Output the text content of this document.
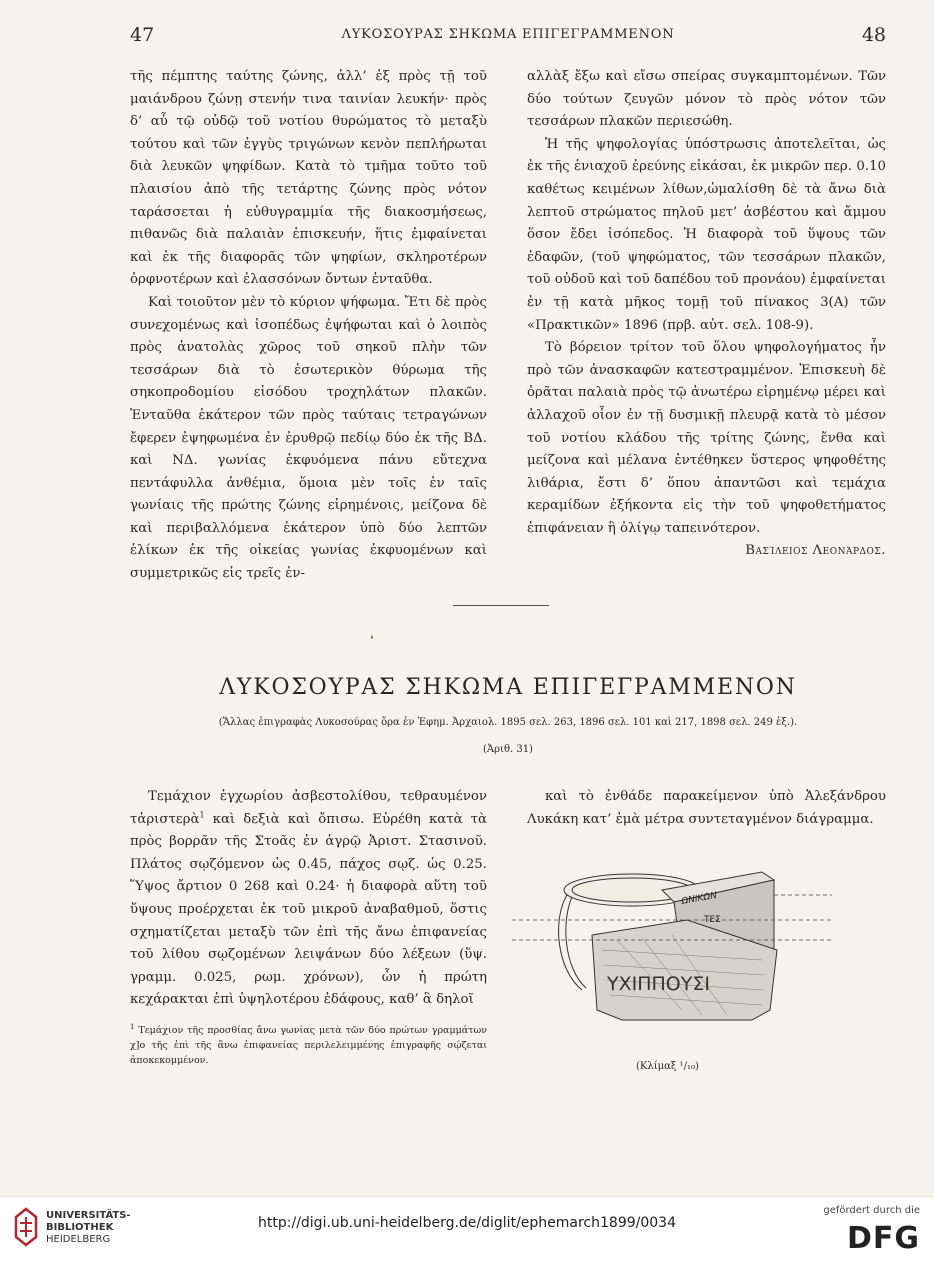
47	ΛΥΚΟΣΟΥΡΑΣ ΣΗΚΩΜΑ ΕΠΙΓΕΓΡΑΜΜΕΝΟΝ	48

τῆς πέμπτης ταύτης ζώνης, ἀλλ’ ἐξ πρὸς τῇ τοῦ μαιάνδρου ζώνῃ στενήν τινα ταινίαν λευκήν· πρὸς δ’ αὖ τῷ οὐδῷ τοῦ νοτίου θυρώματος τὸ μεταξὺ τούτου καὶ τῶν ἐγγὺς τριγώνων κενὸν πεπλήρωται διὰ λευκῶν ψηφίδων. Κατὰ τὸ τμῆμα τοῦτο τοῦ πλαισίου ἀπὸ τῆς τετάρτης ζώνης πρὸς νότον ταράσσεται ἡ εὐθυγραμμία τῆς διακοσμήσεως, πιθανῶς διὰ παλαιὰν ἐπισκευήν, ἥτις ἐμφαίνεται καὶ ἐκ τῆς διαφορᾶς τῶν ψηφίων, σκληροτέρων ὀρφνοτέρων καὶ ἐλασσόνων ὄντων ἐνταῦθα.

Καὶ τοιοῦτον μὲν τὸ κύριον ψήφωμα. Ἔτι δὲ πρὸς συνεχομένως καὶ ἰσοπέδως ἐψήφωται καὶ ὁ λοιπὸς πρὸς ἀνατολὰς χῶρος τοῦ σηκοῦ πλὴν τῶν τεσσάρων διὰ τὸ ἐσωτερικὸν θύρωμα τῆς σηκοπροδομίου εἰσόδου τροχηλάτων πλακῶν. Ἐνταῦθα ἑκάτερον τῶν πρὸς ταύταις τετραγώνων ἔφερεν ἐψηφωμένα ἐν ἐρυθρῷ πεδίῳ δύο ἐκ τῆς ΒΔ. καὶ ΝΔ. γωνίας ἐκφυόμενα πάνυ εὔτεχνα πεντάφυλλα ἀνθέμια, ὅμοια μὲν τοῖς ἐν ταῖς γωνίαις τῆς πρώτης ζώνης εἰρημένοις, μείζονα δὲ καὶ περιβαλλόμενα ἑκάτερον ὑπὸ δύο λεπτῶν ἑλίκων ἐκ τῆς οἰκείας γωνίας ἐκφυομένων καὶ συμμετρικῶς εἰς τρεῖς ἐν-

αλλὰξ ἔξω καὶ εἴσω σπείρας συγκαμπτομένων. Τῶν δύο τούτων ζευγῶν μόνον τὸ πρὸς νότον τῶν τεσσάρων πλακῶν περιεσώθη.

Ἡ τῆς ψηφολογίας ὑπόστρωσις ἀποτελεῖται, ὡς ἐκ τῆς ἑνιαχοῦ ἐρεύνης εἰκάσαι, ἐκ μικρῶν περ. 0.10 καθέτως κειμένων λίθων,ὡμαλίσθη δὲ τὰ ἄνω διὰ λεπτοῦ στρώματος πηλοῦ μετ’ ἀσβέστου καὶ ἄμμου ὅσον ἔδει ἰσόπεδος. Ἡ διαφορὰ τοῦ ὕψους τῶν ἐδαφῶν, (τοῦ ψηφώματος, τῶν τεσσάρων πλακῶν, τοῦ οὐδοῦ καὶ τοῦ δαπέδου τοῦ προνάου) ἐμφαίνεται ἐν τῇ κατὰ μῆκος τομῇ τοῦ πίνακος 3(Α) τῶν «Πρακτικῶν» 1896 (πρβ. αὐτ. σελ. 108-9).

Τὸ βόρειον τρίτον τοῦ ὅλου ψηφολογήματος ἦν πρὸ τῶν ἀνασκαφῶν κατεστραμμένον. Ἐπισκευὴ δὲ ὁρᾶται παλαιὰ πρὸς τῷ ἀνωτέρω εἰρημένῳ μέρει καὶ ἀλλαχοῦ οἷον ἐν τῇ δυσμικῇ πλευρᾷ κατὰ τὸ μέσον τοῦ νοτίου κλάδου τῆς τρίτης ζώνης, ἔνθα καὶ μείζονα καὶ μέλανα ἐντέθηκεν ὕστερος ψηφοθέτης λιθάρια, ἔστι δ’ ὅπου ἀπαντῶσι καὶ τεμάχια κεραμίδων ἐξήκοντα εἰς τὴν τοῦ ψηφοθετήματος ἐπιφάνειαν ἢ ὀλίγῳ ταπεινότερον.

Βασίλειος Λεονάρδος.

❛
ΛΥΚΟΣΟΥΡΑΣ ΣΗΚΩΜΑ ΕΠΙΓΕΓΡΑΜΜΕΝΟΝ
(Ἄλλας ἐπιγραφὰς Λυκοσούρας ὅρα ἐν Ἐφημ. Ἀρχαιολ. 1895 σελ. 263, 1896 σελ. 101 καὶ 217, 1898 σελ. 249 ἑξ.).
(Ἀριθ. 31)

Τεμάχιον ἐγχωρίου ἀσβεστολίθου, τεθραυμένον τἀριστερὰ$^1$ καὶ δεξιὰ καὶ ὄπισω. Εὑρέθη κατὰ τὰ πρὸς βορρᾶν τῆς Στοᾶς ἐν ἀγρῷ Ἀριστ. Στασινοῦ. Πλάτος σῳζόμενον ὡς 0.45, πάχος σῳζ. ὡς 0.25. Ὕψος ἄρτιον 0 268 καὶ 0.24· ἡ διαφορὰ αὕτη τοῦ ὕψους προέρχεται ἐκ τοῦ μικροῦ ἀναβαθμοῦ, ὅστις σχηματίζεται μεταξὺ τῶν ἐπὶ τῆς ἄνω ἐπιφανείας τοῦ λίθου σῳζομένων λειψάνων δύο λέξεων (ὕψ. γραμμ. 0.025, ρωμ. χρόνων), ὧν ἡ πρώτη κεχάρακται ἐπὶ ὑψηλοτέρου ἐδάφους, καθ’ ἃ δηλοῖ

καὶ τὸ ἐνθάδε παρακείμενον ὑπὸ Ἀλεξάνδρου Λυκάκη κατ’ ἐμὰ μέτρα συντεταγμένον διάγραμμα.

$^1$ Τεμάχιον τῆς προσθίας ἄνω γωνίας μετὰ τῶν δύο πρώτων γραμμάτων χ]ο τῆς ἐπὶ τῆς ἄνω ἐπιφανείας περιλελειμμένης ἐπιγραφῆς σῴζεται ἀποκεκομμένον.
ΩΝΙΚΩΝ
ΤΕΣ
ΥΧΙΠΠΟΥΣΙ
(Κλίμαξ ¹/₁₀)
UNIVERSITÄTS-
BIBLIOTHEK
HEIDELBERG
http://digi.ub.uni-heidelberg.de/diglit/ephemarch1899/0034
gefördert durch die
DFG
